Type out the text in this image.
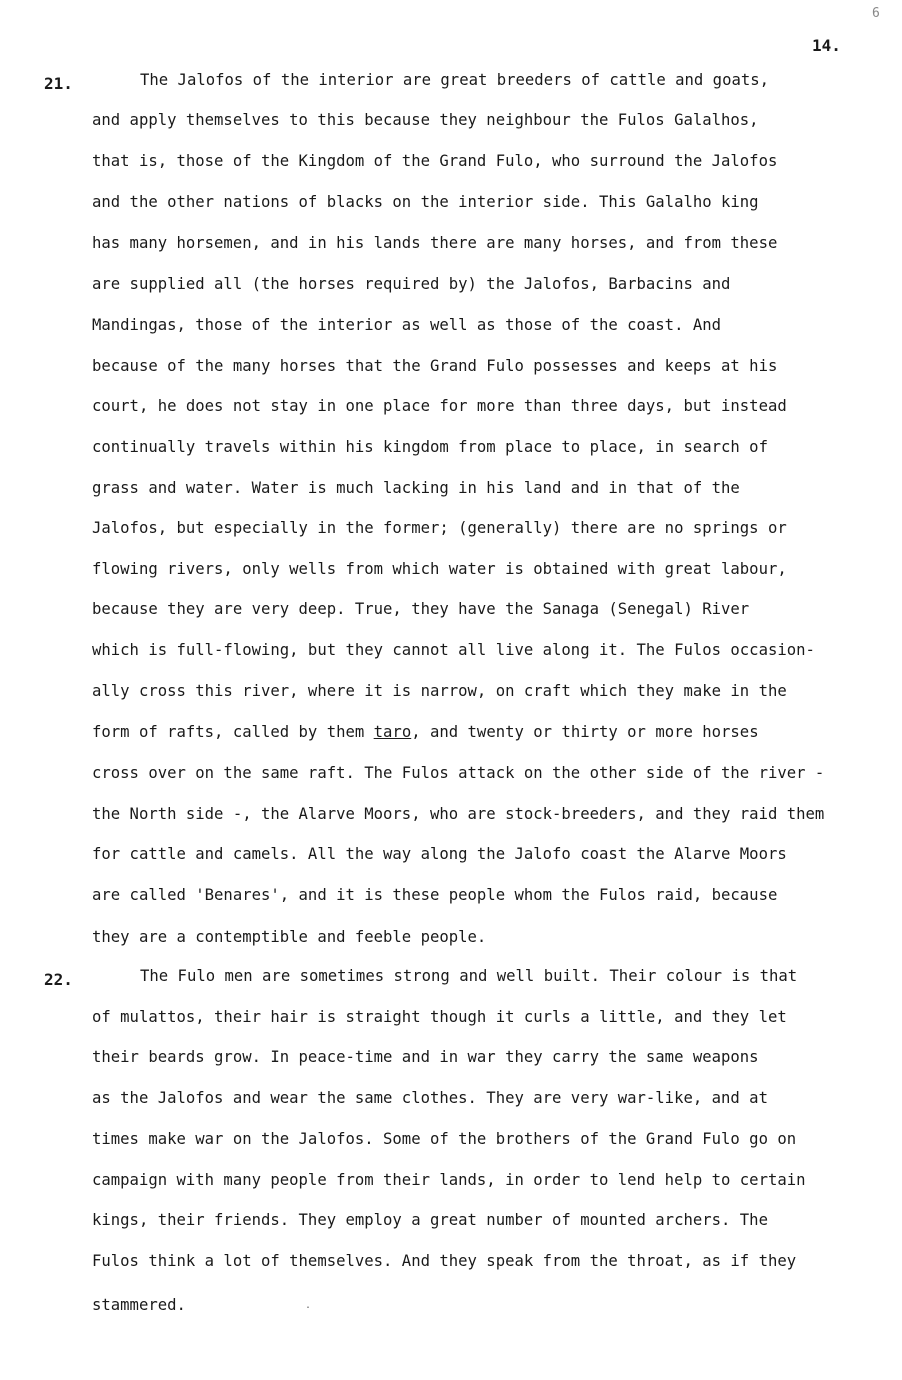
6
14.
21.	The Jalofos of the interior are great breeders of cattle and goats,
and apply themselves to this because they neighbour the Fulos Galalhos,
that is, those of the Kingdom of the Grand Fulo, who surround the Jalofos
and the other nations of blacks on the interior side. This Galalho king
has many horsemen, and in his lands there are many horses, and from these
are supplied all (the horses required by) the Jalofos, Barbacins and
Mandingas, those of the interior as well as those of the coast. And
because of the many horses that the Grand Fulo possesses and keeps at his
court, he does not stay in one place for more than three days, but instead
continually travels within his kingdom from place to place, in search of
grass and water. Water is much lacking in his land and in that of the
Jalofos, but especially in the former; (generally) there are no springs or
flowing rivers, only wells from which water is obtained with great labour,
because they are very deep. True, they have the Sanaga (Senegal) River
which is full-flowing, but they cannot all live along it. The Fulos occasion-
ally cross this river, where it is narrow, on craft which they make in the
form of rafts, called by them taro, and twenty or thirty or more horses
cross over on the same raft. The Fulos attack on the other side of the river -
the North side -, the Alarve Moors, who are stock-breeders, and they raid them
for cattle and camels. All the way along the Jalofo coast the Alarve Moors
are called 'Benares', and it is these people whom the Fulos raid, because
they are a contemptible and feeble people.
22.	The Fulo men are sometimes strong and well built. Their colour is that
of mulattos, their hair is straight though it curls a little, and they let
their beards grow. In peace-time and in war they carry the same weapons
as the Jalofos and wear the same clothes. They are very war-like, and at
times make war on the Jalofos. Some of the brothers of the Grand Fulo go on
campaign with many people from their lands, in order to lend help to certain
kings, their friends. They employ a great number of mounted archers. The
Fulos think a lot of themselves. And they speak from the throat, as if they
stammered.	.
